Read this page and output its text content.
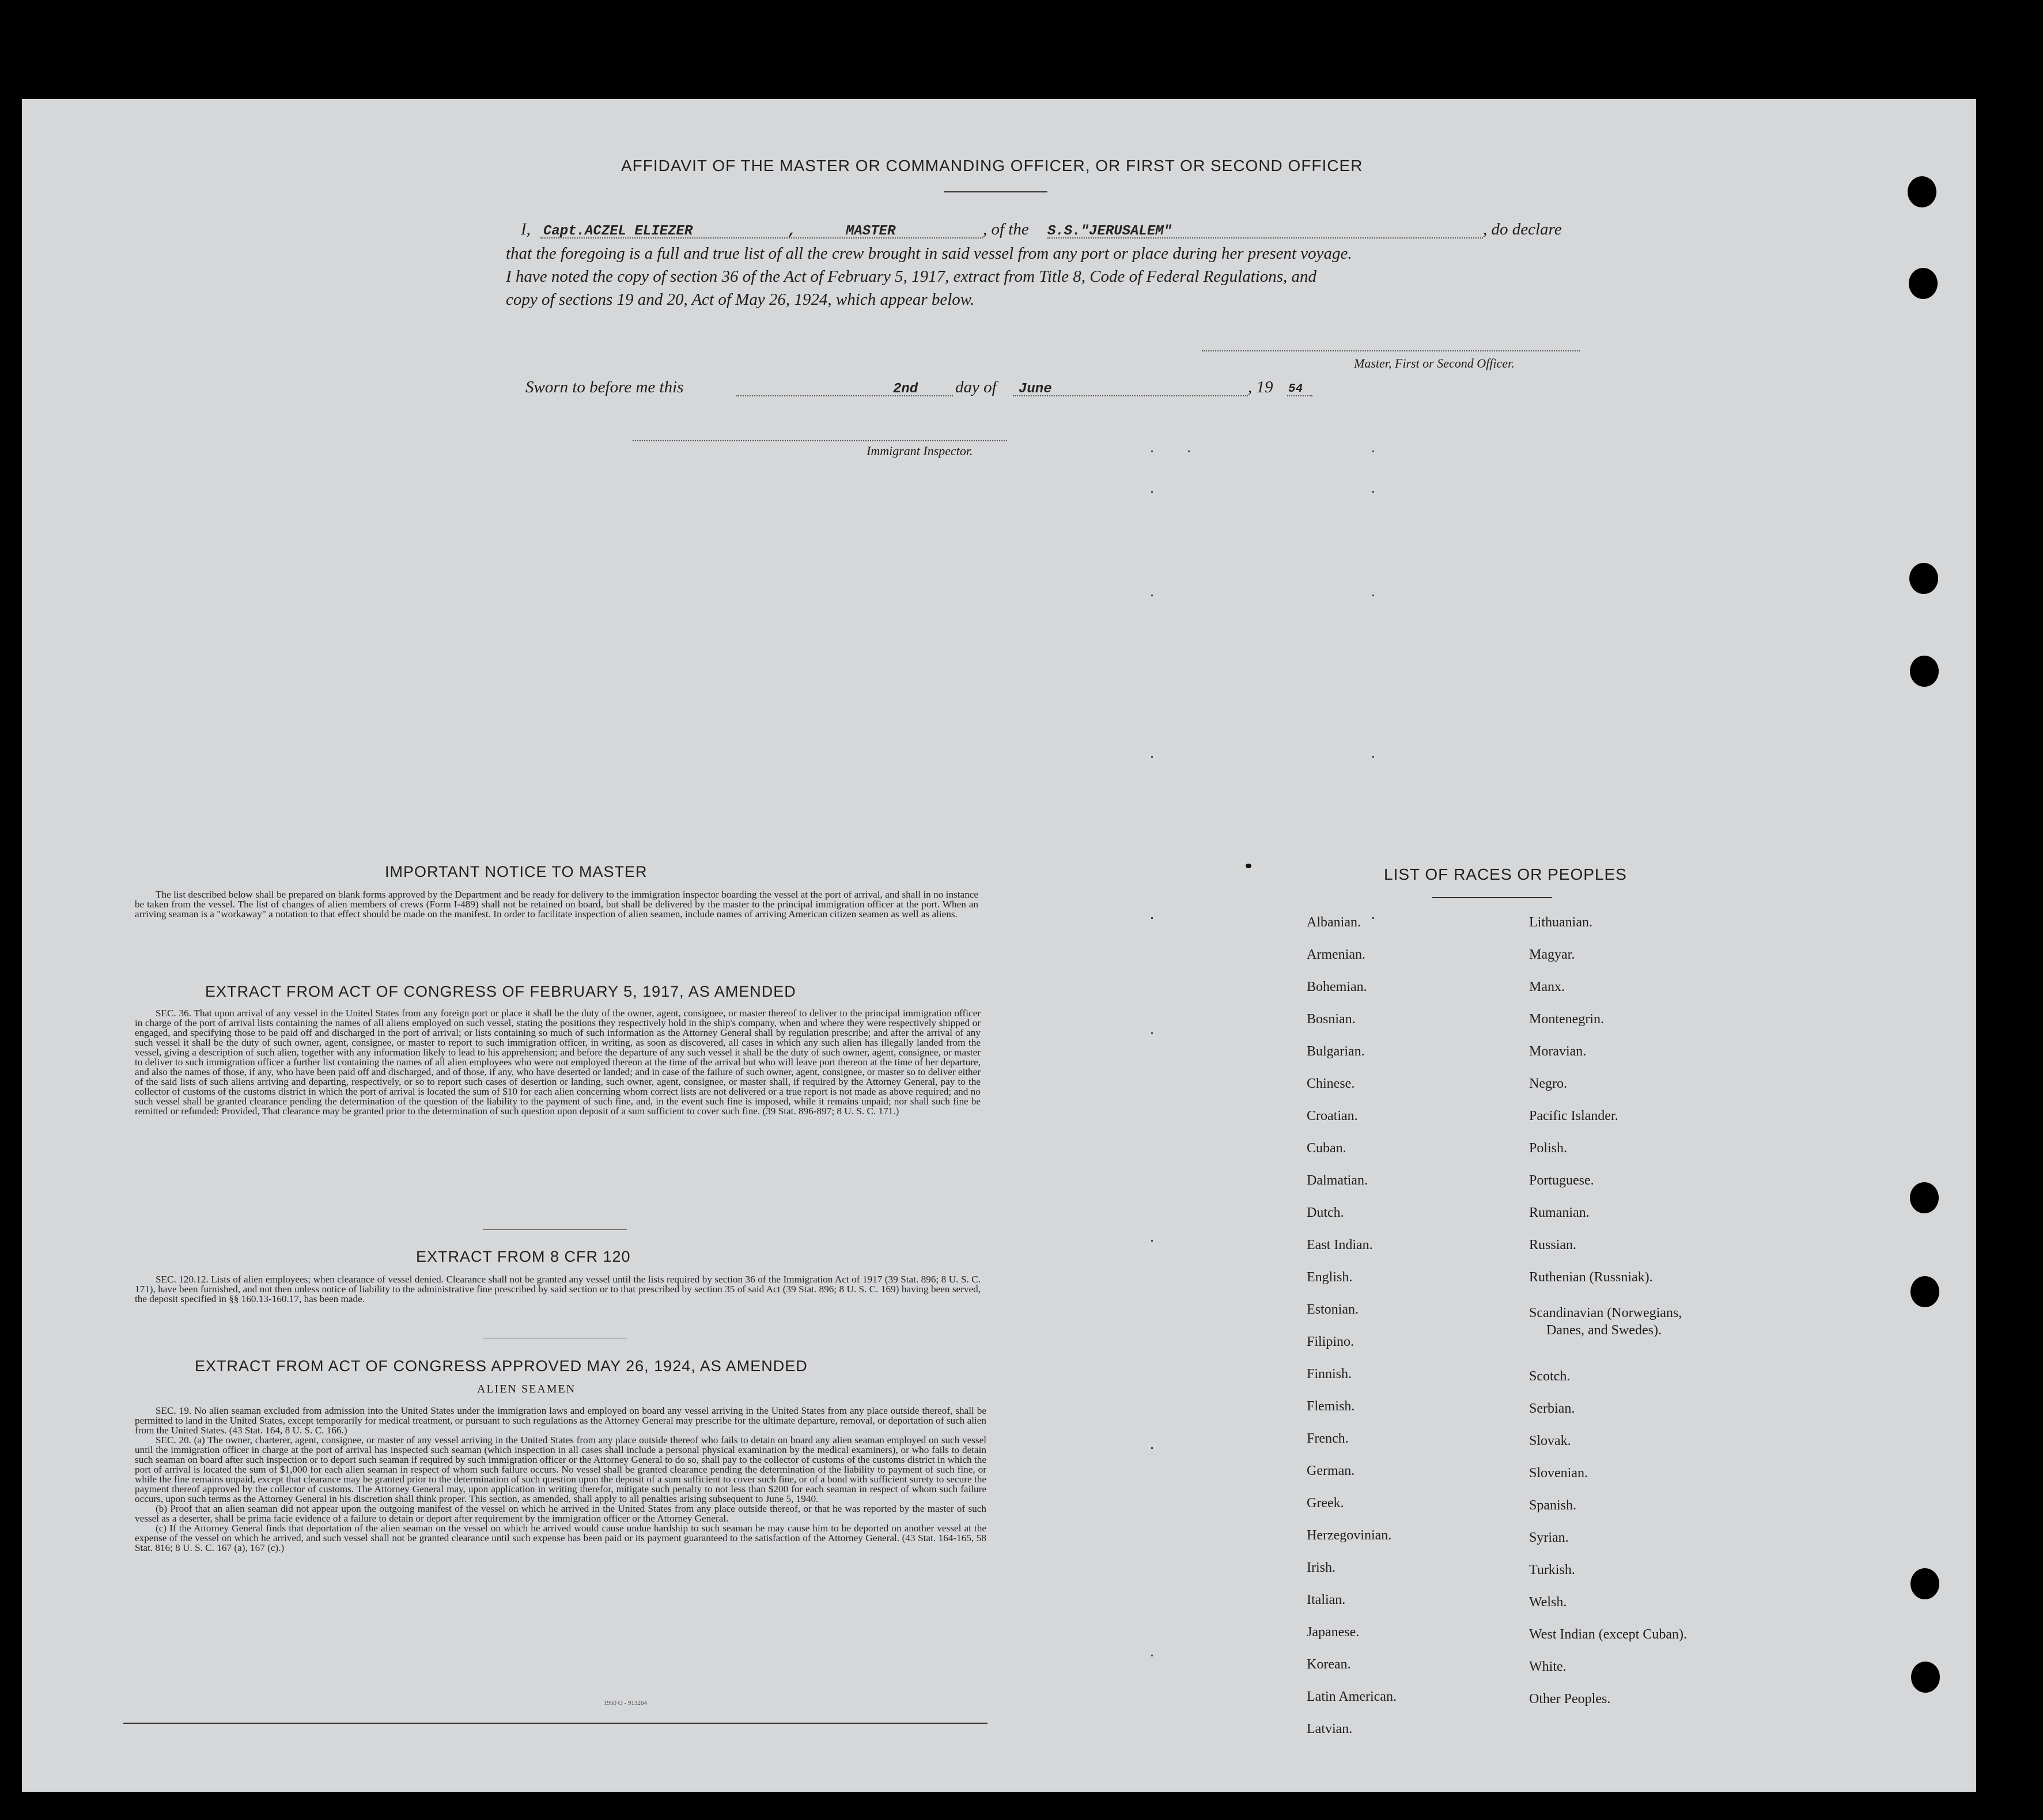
AFFIDAVIT OF THE MASTER OR COMMANDING OFFICER, OR FIRST OR SECOND OFFICER
I, Capt.ACZEL ELIEZER	,	MASTER	, of the S.S."JERUSALEM"	, do declare
that the foregoing is a full and true list of all the crew brought in said vessel from any port or place during her present voyage.
I have noted the copy of section 36 of the Act of February 5, 1917, extract from Title 8, Code of Federal Regulations, and
copy of sections 19 and 20, Act of May 26, 1924, which appear below.
Master, First or Second Officer.
Sworn to before me this	2nd day of June	, 19 54
Immigrant Inspector.
IMPORTANT NOTICE TO MASTER

The list described below shall be prepared on blank forms approved by the Department and be ready for delivery to the immigration inspector boarding the vessel at the port of arrival, and shall in no instance be taken from the vessel. The list of changes of alien members of crews (Form I-489) shall not be retained on board, but shall be delivered by the master to the principal immigration officer at the port. When an arriving seaman is a "workaway" a notation to that effect should be made on the manifest. In order to facilitate inspection of alien seamen, include names of arriving American citizen seamen as well as aliens.

EXTRACT FROM ACT OF CONGRESS OF FEBRUARY 5, 1917, AS AMENDED

SEC. 36. That upon arrival of any vessel in the United States from any foreign port or place it shall be the duty of the owner, agent, consignee, or master thereof to deliver to the principal immigration officer in charge of the port of arrival lists containing the names of all aliens employed on such vessel, stating the positions they respectively hold in the ship's company, when and where they were respectively shipped or engaged, and specifying those to be paid off and discharged in the port of arrival; or lists containing so much of such information as the Attorney General shall by regulation prescribe; and after the arrival of any such vessel it shall be the duty of such owner, agent, consignee, or master to report to such immigration officer, in writing, as soon as discovered, all cases in which any such alien has illegally landed from the vessel, giving a description of such alien, together with any information likely to lead to his apprehension; and before the departure of any such vessel it shall be the duty of such owner, agent, consignee, or master to deliver to such immigration officer a further list containing the names of all alien employees who were not employed thereon at the time of the arrival but who will leave port thereon at the time of her departure, and also the names of those, if any, who have been paid off and discharged, and of those, if any, who have deserted or landed; and in case of the failure of such owner, agent, consignee, or master so to deliver either of the said lists of such aliens arriving and departing, respectively, or so to report such cases of desertion or landing, such owner, agent, consignee, or master shall, if required by the Attorney General, pay to the collector of customs of the customs district in which the port of arrival is located the sum of $10 for each alien concerning whom correct lists are not delivered or a true report is not made as above required; and no such vessel shall be granted clearance pending the determination of the question of the liability to the payment of such fine, and, in the event such fine is imposed, while it remains unpaid; nor shall such fine be remitted or refunded: Provided, That clearance may be granted prior to the determination of such question upon deposit of a sum sufficient to cover such fine. (39 Stat. 896-897; 8 U. S. C. 171.)

EXTRACT FROM 8 CFR 120

SEC. 120.12. Lists of alien employees; when clearance of vessel denied. Clearance shall not be granted any vessel until the lists required by section 36 of the Immigration Act of 1917 (39 Stat. 896; 8 U. S. C. 171), have been furnished, and not then unless notice of liability to the administrative fine prescribed by said section or to that prescribed by section 35 of said Act (39 Stat. 896; 8 U. S. C. 169) having been served, the deposit specified in §§ 160.13-160.17, has been made.

EXTRACT FROM ACT OF CONGRESS APPROVED MAY 26, 1924, AS AMENDED
ALIEN SEAMEN

SEC. 19. No alien seaman excluded from admission into the United States under the immigration laws and employed on board any vessel arriving in the United States from any place outside thereof, shall be permitted to land in the United States, except temporarily for medical treatment, or pursuant to such regulations as the Attorney General may prescribe for the ultimate departure, removal, or deportation of such alien from the United States. (43 Stat. 164, 8 U. S. C. 166.)

SEC. 20. (a) The owner, charterer, agent, consignee, or master of any vessel arriving in the United States from any place outside thereof who fails to detain on board any alien seaman employed on such vessel until the immigration officer in charge at the port of arrival has inspected such seaman (which inspection in all cases shall include a personal physical examination by the medical examiners), or who fails to detain such seaman on board after such inspection or to deport such seaman if required by such immigration officer or the Attorney General to do so, shall pay to the collector of customs of the customs district in which the port of arrival is located the sum of $1,000 for each alien seaman in respect of whom such failure occurs. No vessel shall be granted clearance pending the determination of the liability to payment of such fine, or while the fine remains unpaid, except that clearance may be granted prior to the determination of such question upon the deposit of a sum sufficient to cover such fine, or of a bond with sufficient surety to secure the payment thereof approved by the collector of customs. The Attorney General may, upon application in writing therefor, mitigate such penalty to not less than $200 for each seaman in respect of whom such failure occurs, upon such terms as the Attorney General in his discretion shall think proper. This section, as amended, shall apply to all penalties arising subsequent to June 5, 1940.

(b) Proof that an alien seaman did not appear upon the outgoing manifest of the vessel on which he arrived in the United States from any place outside thereof, or that he was reported by the master of such vessel as a deserter, shall be prima facie evidence of a failure to detain or deport after requirement by the immigration officer or the Attorney General.

(c) If the Attorney General finds that deportation of the alien seaman on the vessel on which he arrived would cause undue hardship to such seaman he may cause him to be deported on another vessel at the expense of the vessel on which he arrived, and such vessel shall not be granted clearance until such expense has been paid or its payment guaranteed to the satisfaction of the Attorney General. (43 Stat. 164-165, 58 Stat. 816; 8 U. S. C. 167 (a), 167 (c).)

1950 O - 913264
LIST OF RACES OR PEOPLES
Albanian.
Armenian.
Bohemian.
Bosnian.
Bulgarian.
Chinese.
Croatian.
Cuban.
Dalmatian.
Dutch.
East Indian.
English.
Estonian.
Filipino.
Finnish.
Flemish.
French.
German.
Greek.
Herzegovinian.
Irish.
Italian.
Japanese.
Korean.
Latin American.
Latvian.
Lithuanian.
Magyar.
Manx.
Montenegrin.
Moravian.
Negro.
Pacific Islander.
Polish.
Portuguese.
Rumanian.
Russian.
Ruthenian (Russniak).
Scandinavian (Norwegians,
Danes, and Swedes).
Scotch.
Serbian.
Slovak.
Slovenian.
Spanish.
Syrian.
Turkish.
Welsh.
West Indian (except Cuban).
White.
Other Peoples.
